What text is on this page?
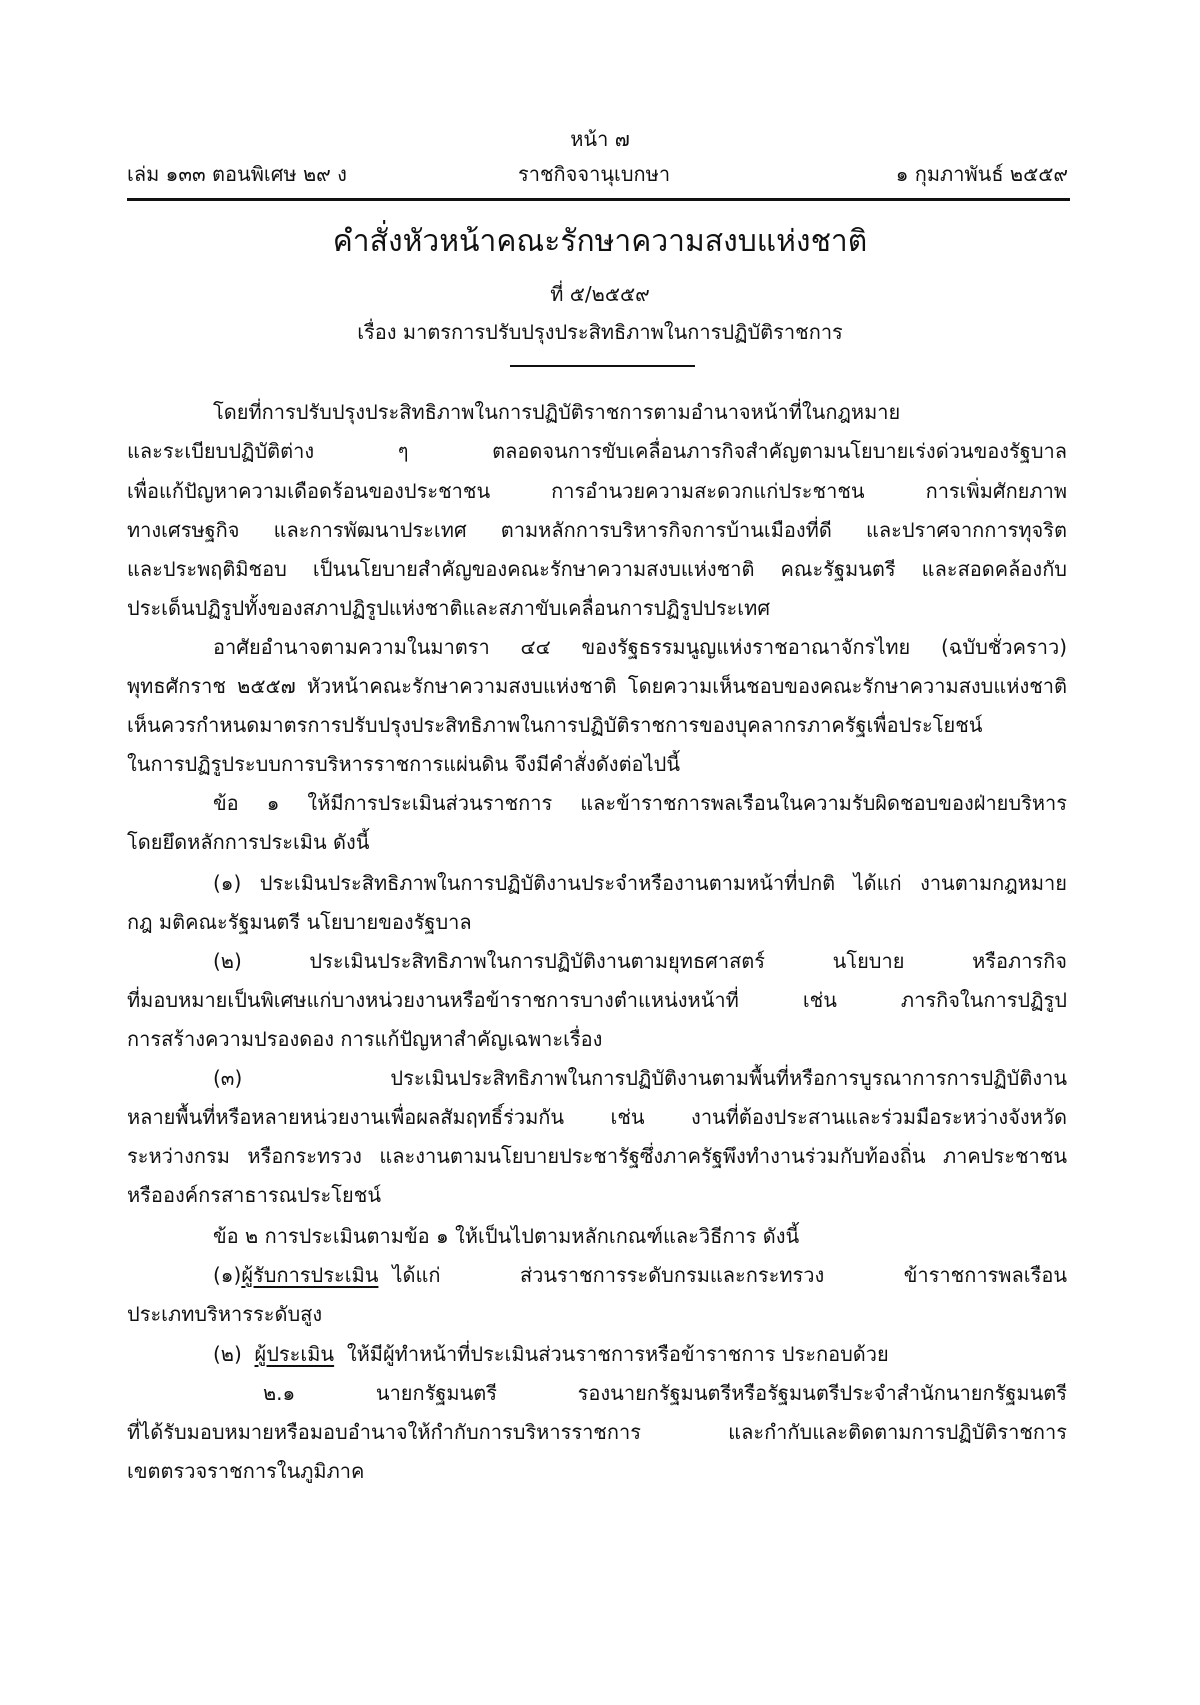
หน้า ๗
เล่ม ๑๓๓ ตอนพิเศษ ๒๙ ง	ราชกิจจานุเบกษา	๑ กุมภาพันธ์ ๒๕๕๙
คำสั่งหัวหน้าคณะรักษาความสงบแห่งชาติ
ที่ ๕/๒๕๕๙
เรื่อง มาตรการปรับปรุงประสิทธิภาพในการปฏิบัติราชการ
โดยที่การปรับปรุงประสิทธิภาพในการปฏิบัติราชการตามอำนาจหน้าที่ในกฎหมาย
และระเบียบปฏิบัติต่าง ๆ ตลอดจนการขับเคลื่อนภารกิจสำคัญตามนโยบายเร่งด่วนของรัฐบาล
เพื่อแก้ปัญหาความเดือดร้อนของประชาชน การอำนวยความสะดวกแก่ประชาชน การเพิ่มศักยภาพ
ทางเศรษฐกิจ และการพัฒนาประเทศ ตามหลักการบริหารกิจการบ้านเมืองที่ดี และปราศจากการทุจริต
และประพฤติมิชอบ เป็นนโยบายสำคัญของคณะรักษาความสงบแห่งชาติ คณะรัฐมนตรี และสอดคล้องกับ
ประเด็นปฏิรูปทั้งของสภาปฏิรูปแห่งชาติและสภาขับเคลื่อนการปฏิรูปประเทศ
อาศัยอำนาจตามความในมาตรา ๔๔ ของรัฐธรรมนูญแห่งราชอาณาจักรไทย (ฉบับชั่วคราว)
พุทธศักราช ๒๕๕๗ หัวหน้าคณะรักษาความสงบแห่งชาติ โดยความเห็นชอบของคณะรักษาความสงบแห่งชาติ
เห็นควรกำหนดมาตรการปรับปรุงประสิทธิภาพในการปฏิบัติราชการของบุคลากรภาครัฐเพื่อประโยชน์
ในการปฏิรูประบบการบริหารราชการแผ่นดิน จึงมีคำสั่งดังต่อไปนี้
ข้อ ๑ ให้มีการประเมินส่วนราชการ และข้าราชการพลเรือนในความรับผิดชอบของฝ่ายบริหาร
โดยยึดหลักการประเมิน ดังนี้
(๑) ประเมินประสิทธิภาพในการปฏิบัติงานประจำหรืองานตามหน้าที่ปกติ ได้แก่ งานตามกฎหมาย
กฎ มติคณะรัฐมนตรี นโยบายของรัฐบาล
(๒) ประเมินประสิทธิภาพในการปฏิบัติงานตามยุทธศาสตร์ นโยบาย หรือภารกิจ
ที่มอบหมายเป็นพิเศษแก่บางหน่วยงานหรือข้าราชการบางตำแหน่งหน้าที่ เช่น ภารกิจในการปฏิรูป
การสร้างความปรองดอง การแก้ปัญหาสำคัญเฉพาะเรื่อง
(๓) ประเมินประสิทธิภาพในการปฏิบัติงานตามพื้นที่หรือการบูรณาการการปฏิบัติงาน
หลายพื้นที่หรือหลายหน่วยงานเพื่อผลสัมฤทธิ์ร่วมกัน เช่น งานที่ต้องประสานและร่วมมือระหว่างจังหวัด
ระหว่างกรม หรือกระทรวง และงานตามนโยบายประชารัฐซึ่งภาครัฐพึงทำงานร่วมกับท้องถิ่น ภาคประชาชน
หรือองค์กรสาธารณประโยชน์
ข้อ ๒ การประเมินตามข้อ ๑ ให้เป็นไปตามหลักเกณฑ์และวิธีการ ดังนี้
(๑) ผู้รับการประเมิน ได้แก่ ส่วนราชการระดับกรมและกระทรวง ข้าราชการพลเรือน
ประเภทบริหารระดับสูง
(๒) ผู้ประเมิน ให้มีผู้ทำหน้าที่ประเมินส่วนราชการหรือข้าราชการ ประกอบด้วย
๒.๑ นายกรัฐมนตรี รองนายกรัฐมนตรีหรือรัฐมนตรีประจำสำนักนายกรัฐมนตรี
ที่ได้รับมอบหมายหรือมอบอำนาจให้กำกับการบริหารราชการ และกำกับและติดตามการปฏิบัติราชการ
เขตตรวจราชการในภูมิภาค
